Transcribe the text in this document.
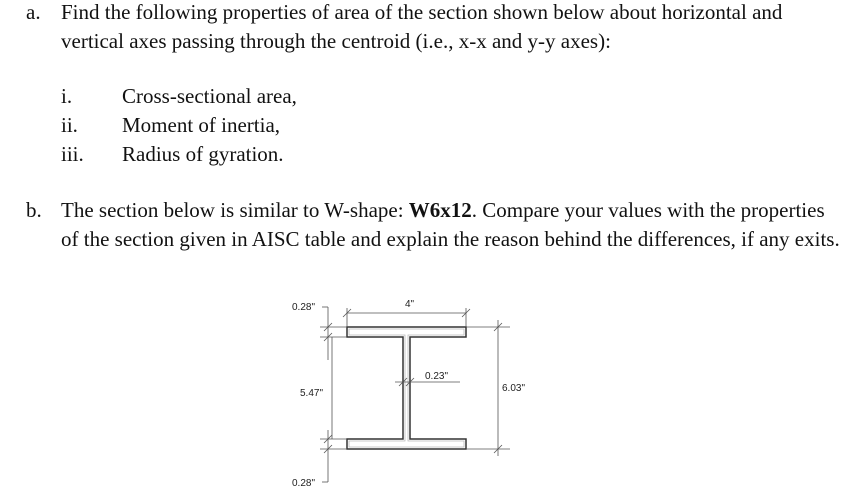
a. Find the following properties of area of the section shown below about horizontal and vertical axes passing through the centroid (i.e., x-x and y-y axes):
i. Cross-sectional area,
ii. Moment of inertia,
iii. Radius of gyration.
b. The section below is similar to W-shape: W6x12. Compare your values with the properties of the section given in AISC table and explain the reason behind the differences, if any exits.
4"
0.28"
5.47"
0.28"
0.23"
6.03"
